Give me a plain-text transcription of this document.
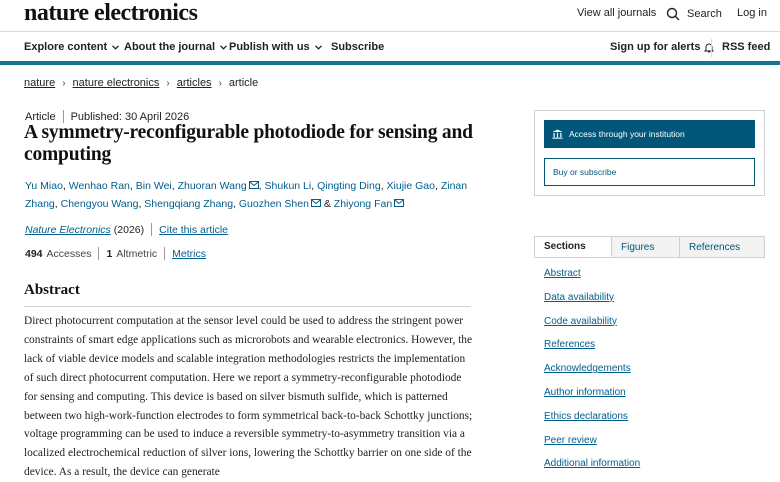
nature electronics	View all journals	Search Log in
Explore content About the journal Publish with us Subscribe	Sign up for alerts RSS feed
nature › nature electronics › articles › article
Article Published: 30 April 2026
A symmetry-reconfigurable photodiode for sensing and computing
Yu Miao, Wenhao Ran, Bin Wei, Zhuoran Wang , Shukun Li, Qingting Ding, Xiujie Gao, Zinan Zhang, Chengyou Wang, Shengqiang Zhang, Guozhen Shen & Zhiyong Fan
Nature Electronics (2026) Cite this article
494 Accesses 1 Altmetric Metrics
Abstract

Direct photocurrent computation at the sensor level could be used to address the stringent power constraints of smart edge applications such as microrobots and wearable electronics. However, the lack of viable device models and scalable integration methodologies restricts the implementation of such direct photocurrent computation. Here we report a symmetry-reconfigurable photodiode for sensing and computing. This device is based on silver bismuth sulfide, which is patterned between two high-work-function electrodes to form symmetrical back-to-back Schottky junctions; voltage programming can be used to induce a reversible symmetry-to-asymmetry transition via a localized electrochemical reduction of silver ions, lowering the Schottky barrier on one side of the device. As a result, the device can generate

Access through your institution
Buy or subscribe
Sections	Figures	References
Abstract
Data availability
Code availability
References
Acknowledgements
Author information
Ethics declarations
Peer review
Additional information
